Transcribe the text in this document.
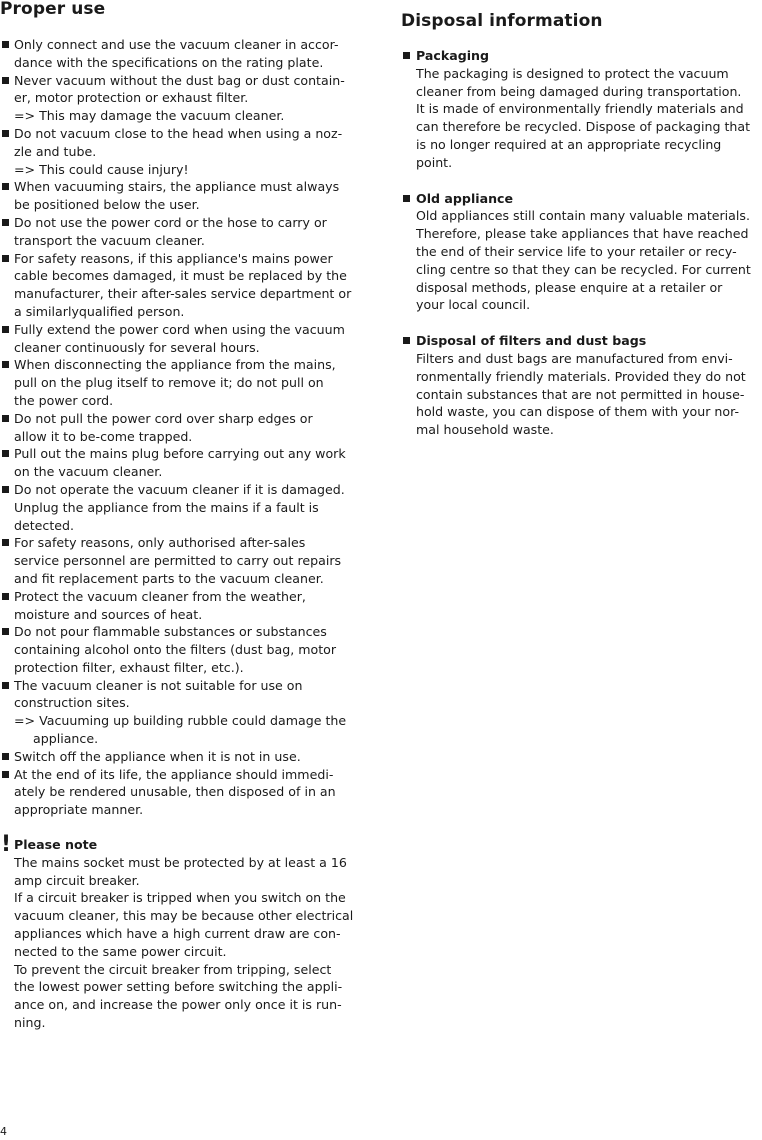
Proper use
Only connect and use the vacuum cleaner in accor-
dance with the specifications on the rating plate.
Never vacuum without the dust bag or dust contain-
er, motor protection or exhaust filter.
=> This may damage the vacuum cleaner.
Do not vacuum close to the head when using a noz-
zle and tube.
=> This could cause injury!
When vacuuming stairs, the appliance must always
be positioned below the user.
Do not use the power cord or the hose to carry or
transport the vacuum cleaner.
For safety reasons, if this appliance's mains power
cable becomes damaged, it must be replaced by the
manufacturer, their after-sales service department or
a similarlyqualified person.
Fully extend the power cord when using the vacuum
cleaner continuously for several hours.
When disconnecting the appliance from the mains,
pull on the plug itself to remove it; do not pull on
the power cord.
Do not pull the power cord over sharp edges or
allow it to be-come trapped.
Pull out the mains plug before carrying out any work
on the vacuum cleaner.
Do not operate the vacuum cleaner if it is damaged.
Unplug the appliance from the mains if a fault is
detected.
For safety reasons, only authorised after-sales
service personnel are permitted to carry out repairs
and fit replacement parts to the vacuum cleaner.
Protect the vacuum cleaner from the weather,
moisture and sources of heat.
Do not pour flammable substances or substances
containing alcohol onto the filters (dust bag, motor
protection filter, exhaust filter, etc.).
The vacuum cleaner is not suitable for use on
construction sites.
=> Vacuuming up building rubble could damage the
appliance.
Switch off the appliance when it is not in use.
At the end of its life, the appliance should immedi-
ately be rendered unusable, then disposed of in an
appropriate manner.
! Please note
The mains socket must be protected by at least a 16
amp circuit breaker.
If a circuit breaker is tripped when you switch on the
vacuum cleaner, this may be because other electrical
appliances which have a high current draw are con-
nected to the same power circuit.
To prevent the circuit breaker from tripping, select
the lowest power setting before switching the appli-
ance on, and increase the power only once it is run-
ning.
Disposal information
Packaging
The packaging is designed to protect the vacuum
cleaner from being damaged during transportation.
It is made of environmentally friendly materials and
can therefore be recycled. Dispose of packaging that
is no longer required at an appropriate recycling
point.
Old appliance
Old appliances still contain many valuable materials.
Therefore, please take appliances that have reached
the end of their service life to your retailer or recy-
cling centre so that they can be recycled. For current
disposal methods, please enquire at a retailer or
your local council.
Disposal of filters and dust bags
Filters and dust bags are manufactured from envi-
ronmentally friendly materials. Provided they do not
contain substances that are not permitted in house-
hold waste, you can dispose of them with your nor-
mal household waste.
4
